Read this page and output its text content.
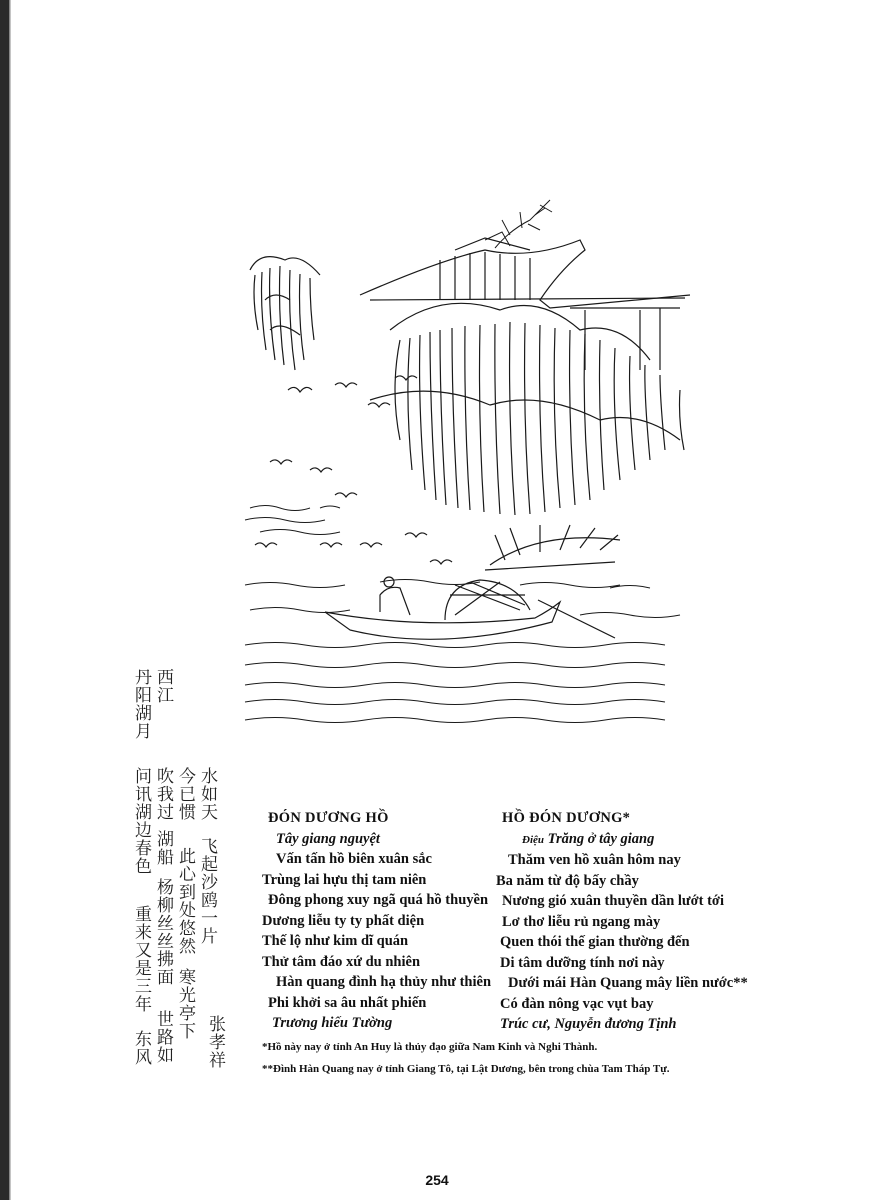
西江
丹阳湖月
水如天
今已惯
吹我过
问讯湖边春色 湖船
杨柳丝丝拂面
重来又是三年
此心到处悠然
寒光亭下
世路如
东风
飞起沙鸥一片
张孝祥
ĐÓN DƯƠNG HỒ
Tây giang nguyệt
Vấn tấn hồ biên xuân sắc
Trùng lai hựu thị tam niên
Đông phong xuy ngã quá hồ thuyền
Dương liễu ty ty phất diện
Thế lộ như kim dĩ quán
Thử tâm đáo xứ du nhiên
Hàn quang đình hạ thủy như thiên
Phi khởi sa âu nhất phiến
Trương hiếu Tường
HỒ ĐÓN DƯƠNG*
Điệu Trăng ở tây giang
Thăm ven hồ xuân hôm nay
Ba năm từ độ bấy chầy
Nương gió xuân thuyền dần lướt tới
Lơ thơ liễu rủ ngang mày
Quen thói thế gian thường đến
Di tâm dưỡng tính nơi này
Dưới mái Hàn Quang mây liền nước**
Có đàn nông vạc vụt bay
Trúc cư, Nguyễn đương Tịnh
*Hồ này nay ở tỉnh An Huy là thủy đạo giữa Nam Kinh và Nghi Thành.
**Đình Hàn Quang nay ở tỉnh Giang Tô, tại Lật Dương, bên trong chùa Tam Tháp Tự.
254
